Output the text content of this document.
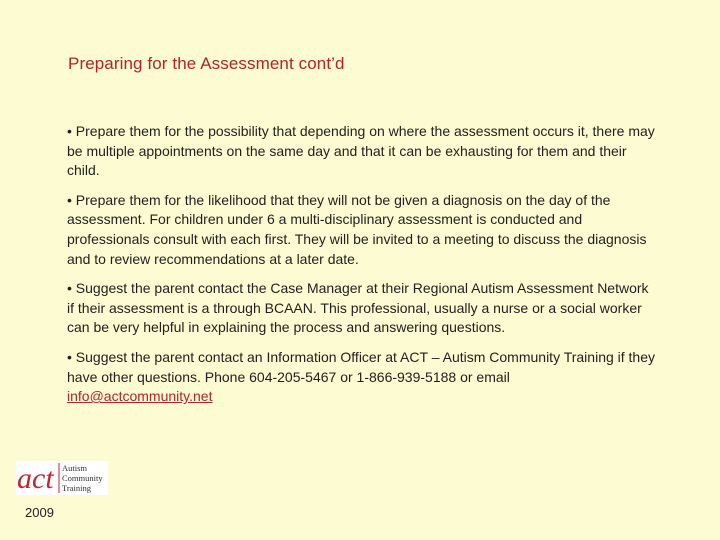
Preparing for the Assessment cont’d

• Prepare them for the possibility that depending on where the assessment occurs it, there may be multiple appointments on the same day and that it can be exhausting for them and their child.

• Prepare them for the likelihood that they will not be given a diagnosis on the day of the assessment. For children under 6 a multi-disciplinary assessment is conducted and professionals consult with each first. They will be invited to a meeting to discuss the diagnosis and to review recommendations at a later date.

• Suggest the parent contact the Case Manager at their Regional Autism Assessment Network if their assessment is a through BCAAN. This professional, usually a nurse or a social worker can be very helpful in explaining the process and answering questions.

• Suggest the parent contact an Information Officer at ACT – Autism Community Training if they have other questions. Phone 604-205-5467 or 1-866-939-5188 or email info@actcommunity.net

act Autism
Community
Training
2009
